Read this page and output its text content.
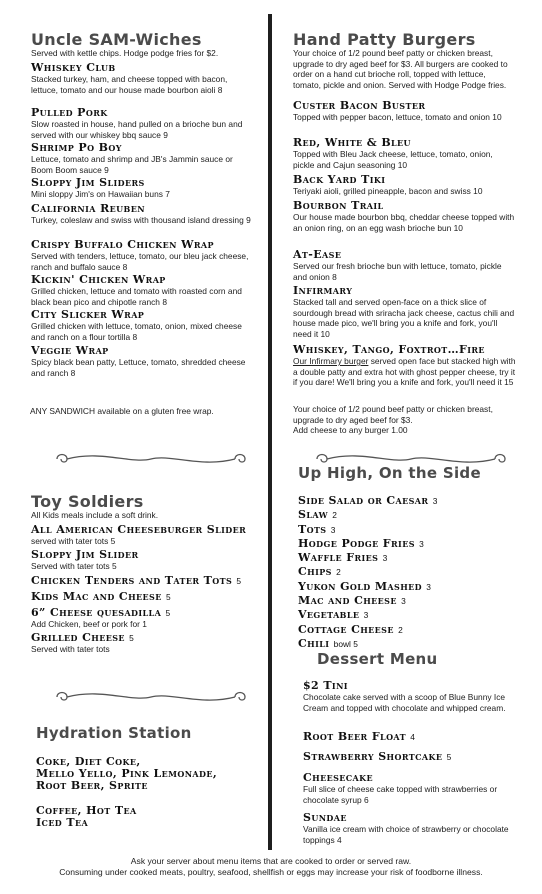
Uncle SAM-Wiches
Served with kettle chips. Hodge podge fries for $2.
Whiskey Club
Stacked turkey, ham, and cheese topped with bacon, lettuce, tomato and our house made bourbon aioli 8
Pulled Pork
Slow roasted in house, hand pulled on a brioche bun and served with our whiskey bbq sauce 9
Shrimp Po Boy
Lettuce, tomato and shrimp and JB's Jammin sauce or Boom Boom sauce 9
Sloppy Jim Sliders
Mini sloppy Jim's on Hawaiian buns 7
California Reuben
Turkey, coleslaw and swiss with thousand island dressing 9
Crispy Buffalo Chicken Wrap
Served with tenders, lettuce, tomato, our bleu jack cheese, ranch and buffalo sauce 8
Kickin' Chicken Wrap
Grilled chicken, lettuce and tomato with roasted corn and black bean pico and chipotle ranch 8
City Slicker Wrap
Grilled chicken with lettuce, tomato, onion, mixed cheese and ranch on a flour tortilla 8
Veggie Wrap
Spicy black bean patty, Lettuce, tomato, shredded cheese and ranch 8
ANY SANDWICH available on a gluten free wrap.
Toy Soldiers
All Kids meals include a soft drink.
All American Cheeseburger Slider
served with tater tots 5
Sloppy Jim Slider
Served with tater tots 5
Chicken Tenders and Tater Tots 5
Kids Mac and Cheese 5
6” Cheese quesadilla 5
Add Chicken, beef or pork for 1
Grilled Cheese 5
Served with tater tots
Hydration Station
Coke, Diet Coke,
Mello Yello, Pink Lemonade,
Root Beer, Sprite
Coffee, Hot Tea
Iced Tea
Hand Patty Burgers
Your choice of 1/2 pound beef patty or chicken breast, upgrade to dry aged beef for $3. All burgers are cooked to order on a hand cut brioche roll, topped with lettuce, tomato, pickle and onion. Served with Hodge Podge fries.
Custer Bacon Buster
Topped with pepper bacon, lettuce, tomato and onion 10
Red, White & Bleu
Topped with Bleu Jack cheese, lettuce, tomato, onion, pickle and Cajun seasoning 10
Back Yard Tiki
Teriyaki aioli, grilled pineapple, bacon and swiss 10
Bourbon Trail
Our house made bourbon bbq, cheddar cheese topped with an onion ring, on an egg wash brioche bun 10
At-Ease
Served our fresh brioche bun with lettuce, tomato, pickle and onion 8
Infirmary
Stacked tall and served open-face on a thick slice of sourdough bread with sriracha jack cheese, cactus chili and house made pico, we'll bring you a knife and fork, you'll need it 10
Whiskey, Tango, Foxtrot…Fire
Our Infirmary burger served open face but stacked high with a double patty and extra hot with ghost pepper cheese, try it if you dare! We'll bring you a knife and fork, you'll need it 15
Your choice of 1/2 pound beef patty or chicken breast, upgrade to dry aged beef for $3.
Add cheese to any burger 1.00
Up High, On the Side
Side Salad or Caesar 3
Slaw 2
Tots 3
Hodge Podge Fries 3
Waffle Fries 3
Chips 2
Yukon Gold Mashed 3
Mac and Cheese 3
Vegetable 3
Cottage Cheese 2
Chili bowl 5
Dessert Menu
$2 Tini
Chocolate cake served with a scoop of Blue Bunny Ice Cream and topped with chocolate and whipped cream.
Root Beer Float 4
Strawberry Shortcake 5
Cheesecake
Full slice of cheese cake topped with strawberries or chocolate syrup 6
Sundae
Vanilla ice cream with choice of strawberry or chocolate toppings 4
Ask your server about menu items that are cooked to order or served raw.
Consuming under cooked meats, poultry, seafood, shellfish or eggs may increase your risk of foodborne illness.
